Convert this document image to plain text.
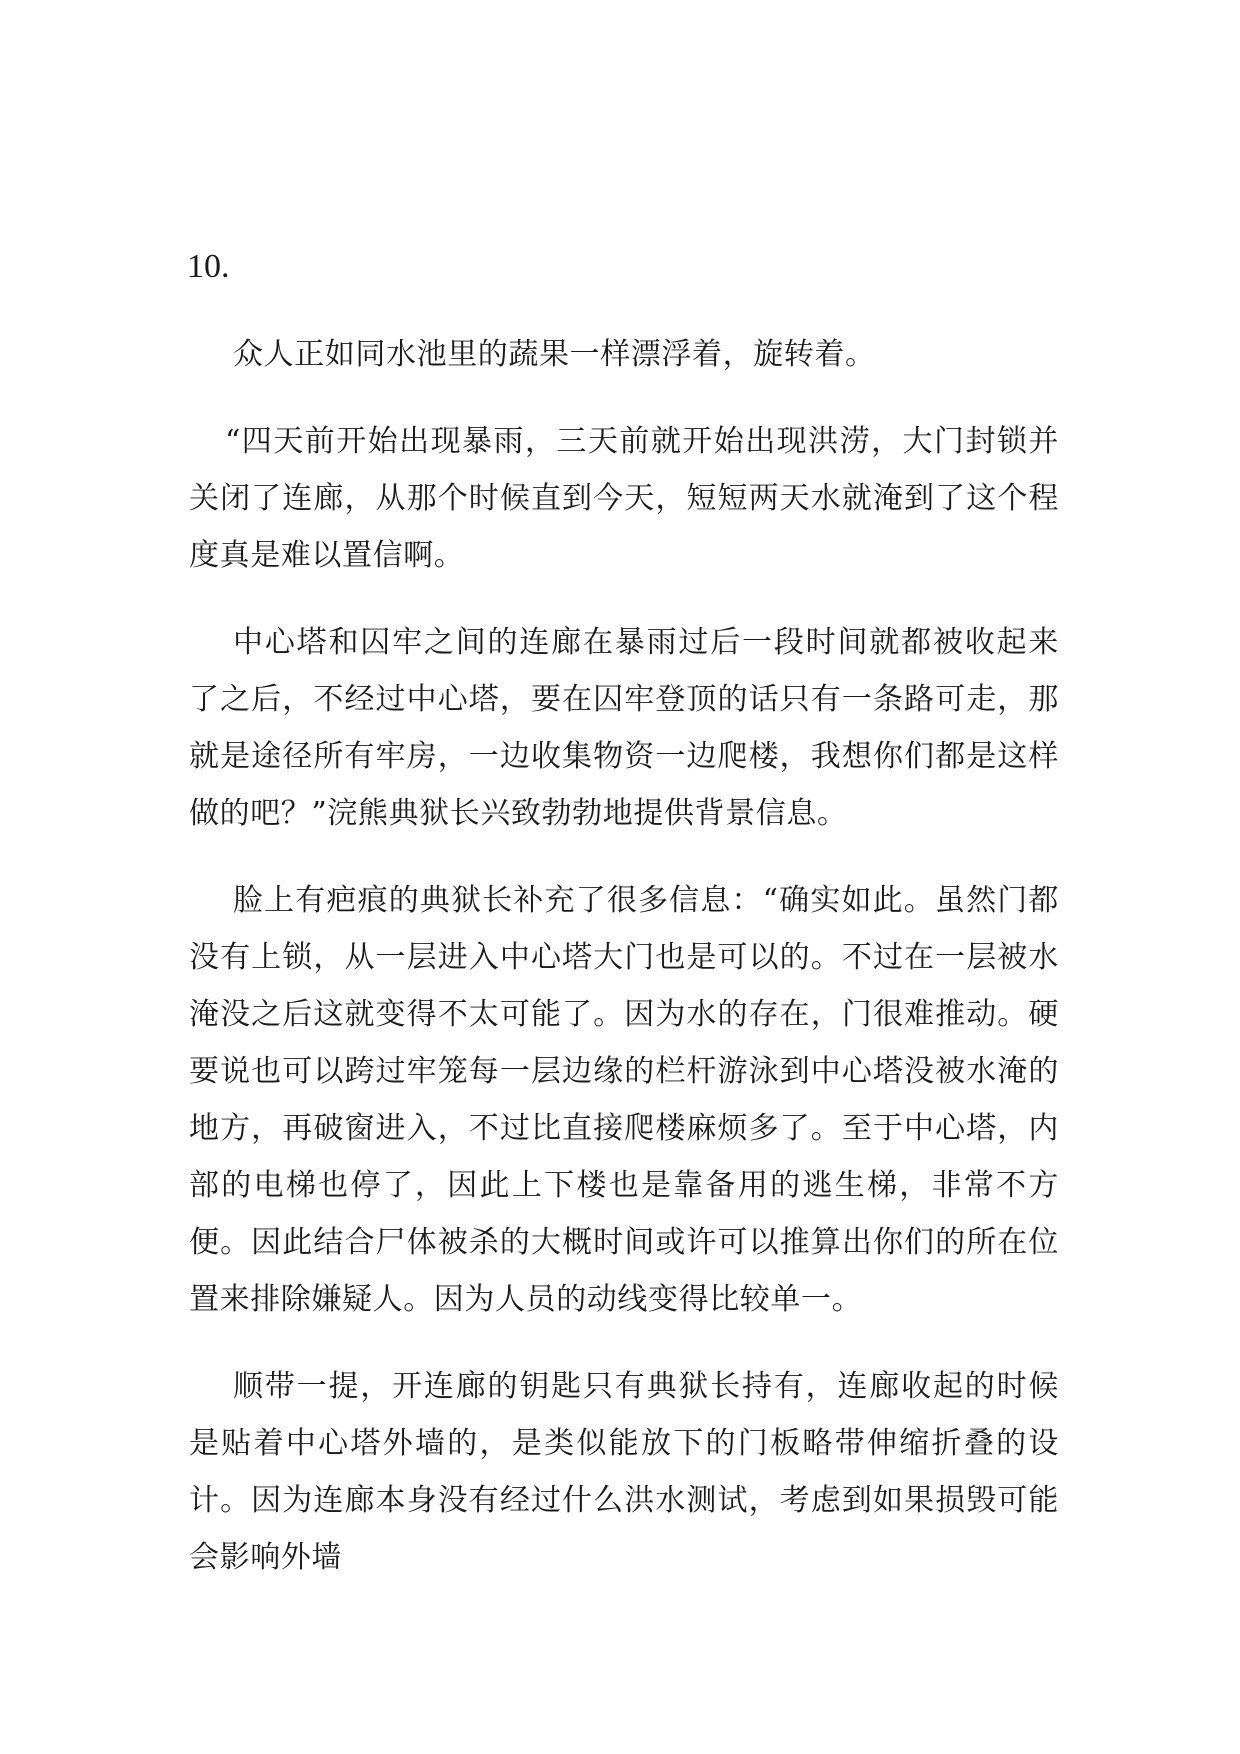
10.

众人正如同水池里的蔬果一样漂浮着，旋转着。

“四天前开始出现暴雨，三天前就开始出现洪涝，大门封锁并关闭了连廊，从那个时候直到今天，短短两天水就淹到了这个程度真是难以置信啊。

中心塔和囚牢之间的连廊在暴雨过后一段时间就都被收起来了之后，不经过中心塔，要在囚牢登顶的话只有一条路可走，那就是途径所有牢房，一边收集物资一边爬楼，我想你们都是这样做的吧？”浣熊典狱长兴致勃勃地提供背景信息。

脸上有疤痕的典狱长补充了很多信息：“确实如此。虽然门都没有上锁，从一层进入中心塔大门也是可以的。不过在一层被水淹没之后这就变得不太可能了。因为水的存在，门很难推动。硬要说也可以跨过牢笼每一层边缘的栏杆游泳到中心塔没被水淹的地方，再破窗进入，不过比直接爬楼麻烦多了。至于中心塔，内部的电梯也停了，因此上下楼也是靠备用的逃生梯，非常不方便。因此结合尸体被杀的大概时间或许可以推算出你们的所在位置来排除嫌疑人。因为人员的动线变得比较单一。

顺带一提，开连廊的钥匙只有典狱长持有，连廊收起的时候是贴着中心塔外墙的，是类似能放下的门板略带伸缩折叠的设计。因为连廊本身没有经过什么洪水测试，考虑到如果损毁可能会影响外墙
